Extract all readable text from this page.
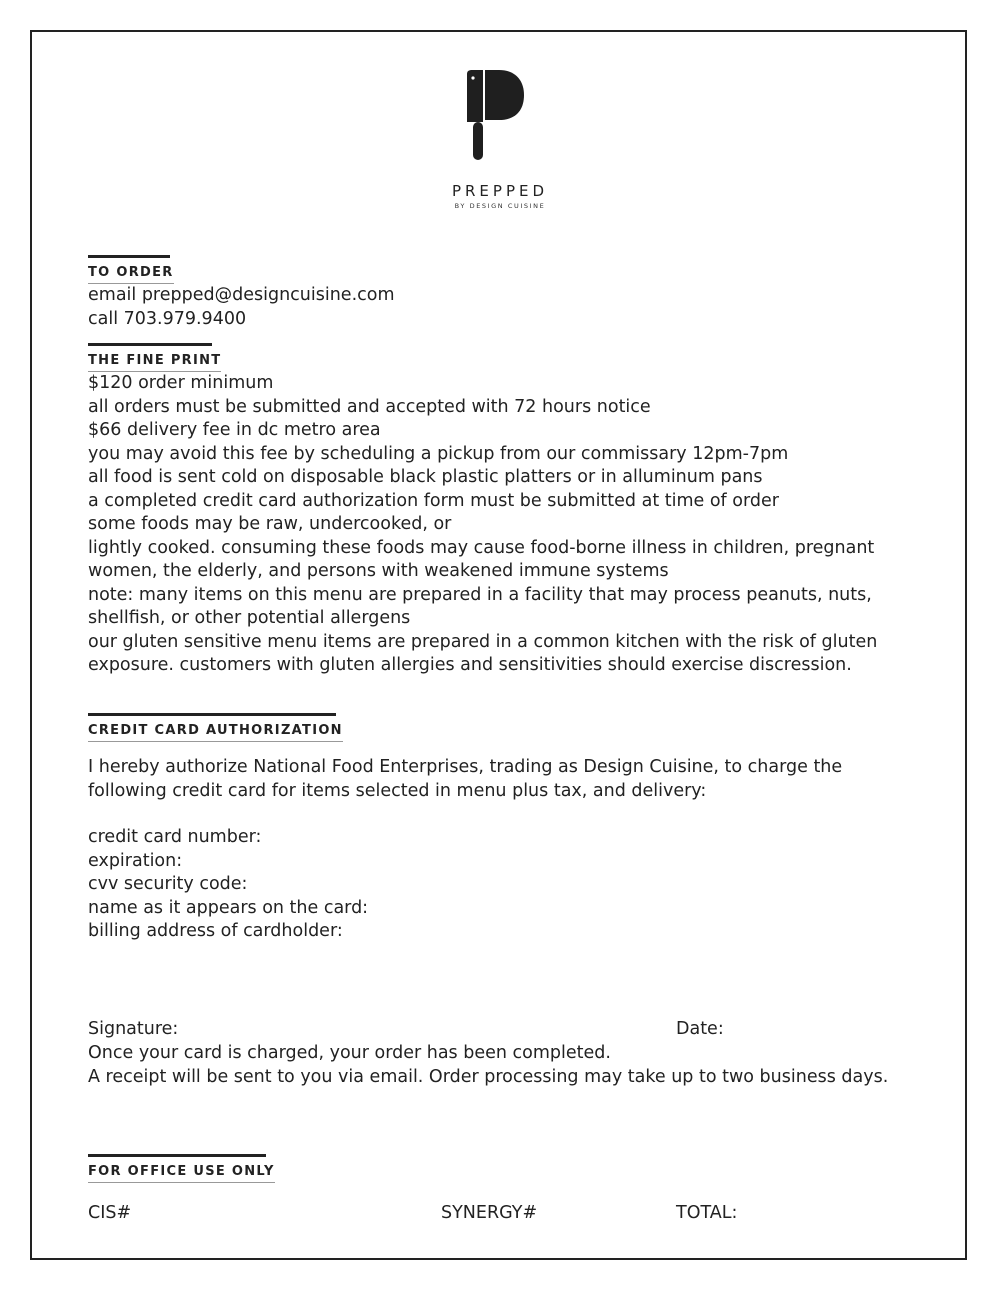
PREPPED
BY DESIGN CUISINE
TO ORDER
email prepped@designcuisine.com
call 703.979.9400
THE FINE PRINT
$120 order minimum
all orders must be submitted and accepted with 72 hours notice
$66 delivery fee in dc metro area
you may avoid this fee by scheduling a pickup from our commissary 12pm-7pm
all food is sent cold on disposable black plastic platters or in alluminum pans
a completed credit card authorization form must be submitted at time of order
some foods may be raw, undercooked, or
lightly cooked. consuming these foods may cause food-borne illness in children, pregnant women, the elderly, and persons with weakened immune systems
note: many items on this menu are prepared in a facility that may process peanuts, nuts, shellfish, or other potential allergens
our gluten sensitive menu items are prepared in a common kitchen with the risk of gluten exposure. customers with gluten allergies and sensitivities should exercise discression.
CREDIT CARD AUTHORIZATION
I hereby authorize National Food Enterprises, trading as Design Cuisine, to charge the following credit card for items selected in menu plus tax, and delivery:
credit card number:
expiration:
cvv security code:
name as it appears on the card:
billing address of cardholder:
Signature:	Date:
Once your card is charged, your order has been completed.
A receipt will be sent to you via email. Order processing may take up to two business days.
FOR OFFICE USE ONLY
CIS#	SYNERGY#	TOTAL:
